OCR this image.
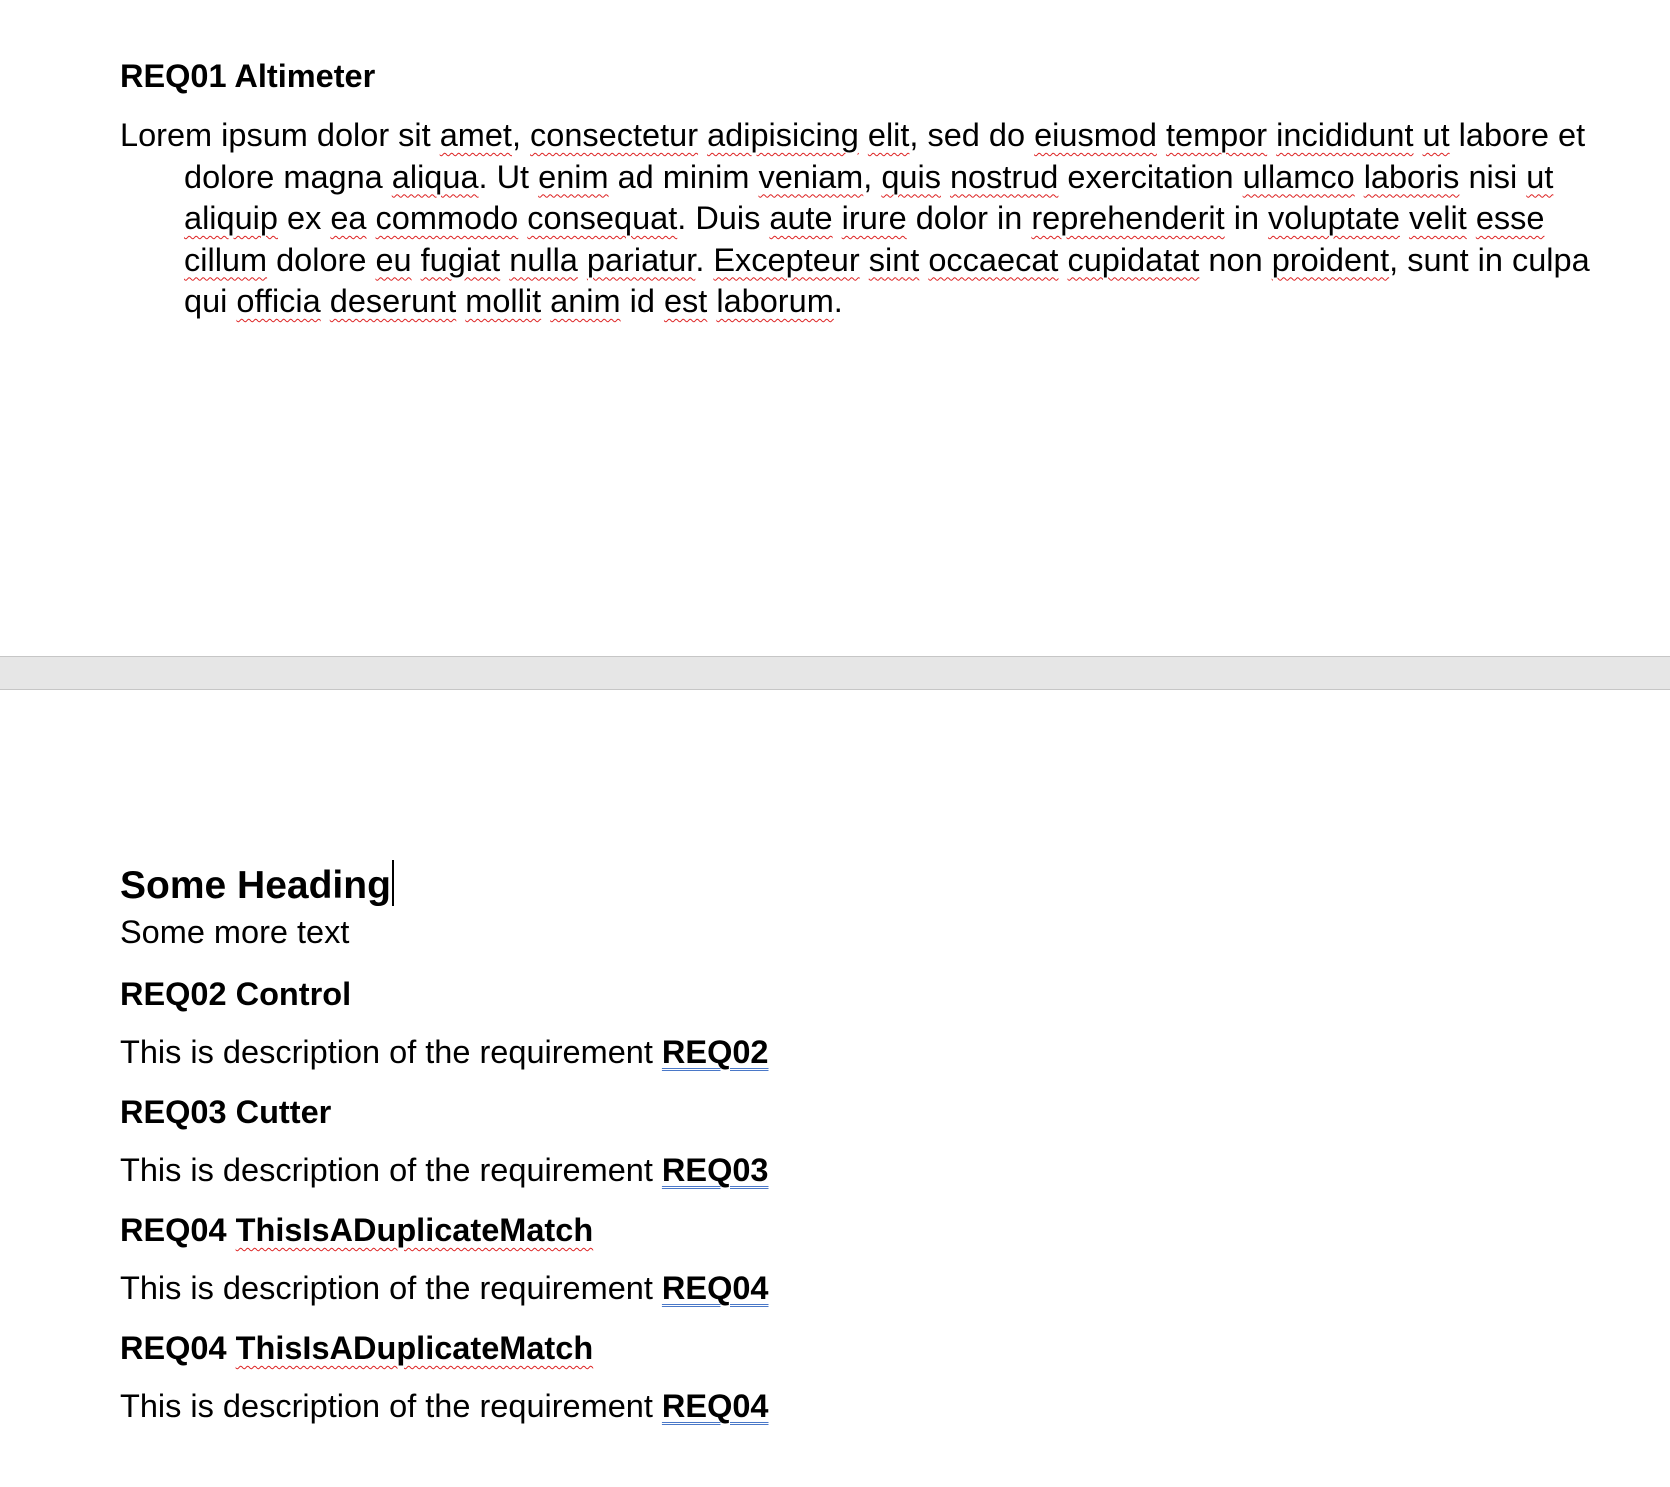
REQ01 Altimeter

Lorem ipsum dolor sit amet, consectetur adipisicing elit, sed do eiusmod tempor incididunt ut labore et dolore magna aliqua. Ut enim ad minim veniam, quis nostrud exercitation ullamco laboris nisi ut aliquip ex ea commodo consequat. Duis aute irure dolor in reprehenderit in voluptate velit esse cillum dolore eu fugiat nulla pariatur. Excepteur sint occaecat cupidatat non proident, sunt in culpa qui officia deserunt mollit anim id est laborum.

Some Heading

Some more text

REQ02 Control

This is description of the requirement REQ02

REQ03 Cutter

This is description of the requirement REQ03

REQ04 ThisIsADuplicateMatch

This is description of the requirement REQ04

REQ04 ThisIsADuplicateMatch

This is description of the requirement REQ04
